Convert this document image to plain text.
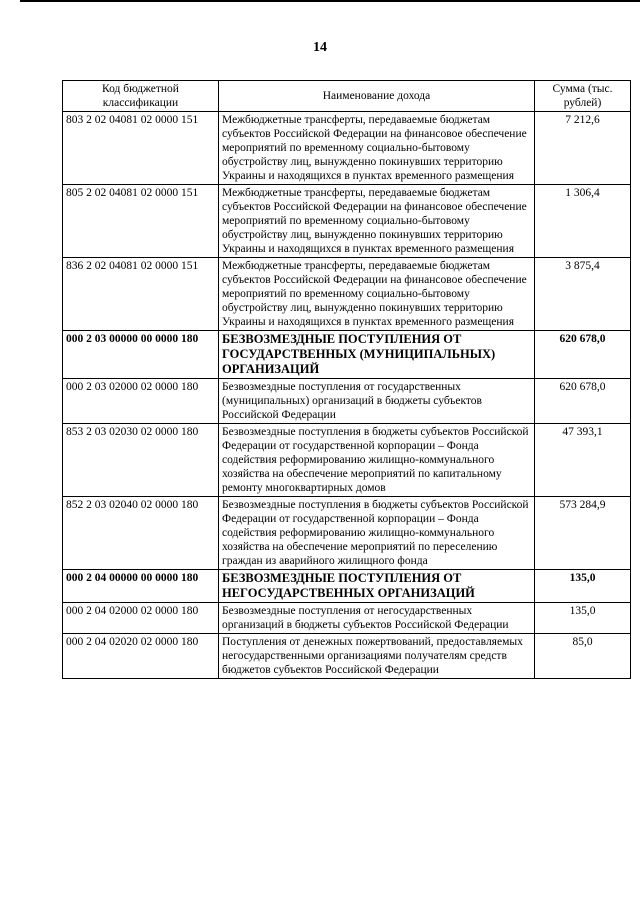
14
Код бюджетной классификации	Наименование дохода	Сумма (тыс. рублей)
803 2 02 04081 02 0000 151	Межбюджетные трансферты, передаваемые бюджетам субъектов Российской Федерации на финансовое обеспечение мероприятий по временному социально-бытовому обустройству лиц, вынужденно покинувших территорию Украины и находящихся в пунктах временного размещения	7 212,6
805 2 02 04081 02 0000 151	Межбюджетные трансферты, передаваемые бюджетам субъектов Российской Федерации на финансовое обеспечение мероприятий по временному социально-бытовому обустройству лиц, вынужденно покинувших территорию Украины и находящихся в пунктах временного размещения	1 306,4
836 2 02 04081 02 0000 151	Межбюджетные трансферты, передаваемые бюджетам субъектов Российской Федерации на финансовое обеспечение мероприятий по временному социально-бытовому обустройству лиц, вынужденно покинувших территорию Украины и находящихся в пунктах временного размещения	3 875,4
000 2 03 00000 00 0000 180	БЕЗВОЗМЕЗДНЫЕ ПОСТУПЛЕНИЯ ОТ ГОСУДАРСТВЕННЫХ (МУНИЦИПАЛЬНЫХ) ОРГАНИЗАЦИЙ	620 678,0
000 2 03 02000 02 0000 180	Безвозмездные поступления от государственных (муниципальных) организаций в бюджеты субъектов Российской Федерации	620 678,0
853 2 03 02030 02 0000 180	Безвозмездные поступления в бюджеты субъектов Российской Федерации от государственной корпорации – Фонда содействия реформированию жилищно-коммунального хозяйства на обеспечение мероприятий по капитальному ремонту многоквартирных домов	47 393,1
852 2 03 02040 02 0000 180	Безвозмездные поступления в бюджеты субъектов Российской Федерации от государственной корпорации – Фонда содействия реформированию жилищно-коммунального хозяйства на обеспечение мероприятий по переселению граждан из аварийного жилищного фонда	573 284,9
000 2 04 00000 00 0000 180	БЕЗВОЗМЕЗДНЫЕ ПОСТУПЛЕНИЯ ОТ НЕГОСУДАРСТВЕННЫХ ОРГАНИЗАЦИЙ	135,0
000 2 04 02000 02 0000 180	Безвозмездные поступления от негосударственных организаций в бюджеты субъектов Российской Федерации	135,0
000 2 04 02020 02 0000 180	Поступления от денежных пожертвований, предоставляемых негосударственными организациями получателям средств бюджетов субъектов Российской Федерации	85,0
